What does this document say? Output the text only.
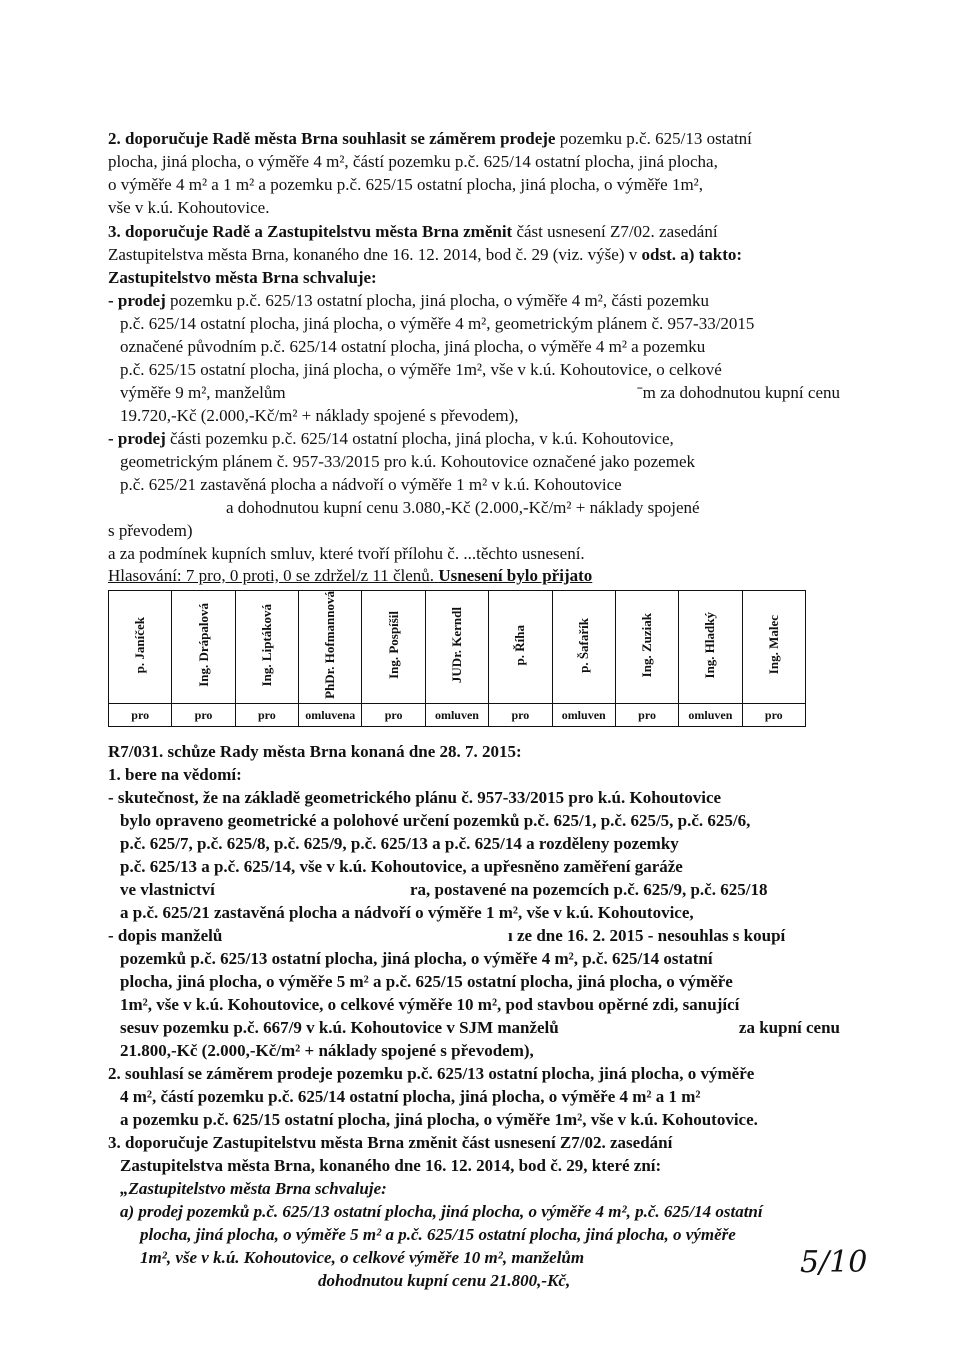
2. doporučuje Radě města Brna souhlasit se záměrem prodeje pozemku p.č. 625/13 ostatní
plocha, jiná plocha, o výměře 4 m², částí pozemku p.č. 625/14 ostatní plocha, jiná plocha,
o výměře 4 m² a 1 m² a pozemku p.č. 625/15 ostatní plocha, jiná plocha, o výměře 1m²,
vše v k.ú. Kohoutovice.
3. doporučuje Radě a Zastupitelstvu města Brna změnit část usnesení Z7/02. zasedání
Zastupitelstva města Brna, konaného dne 16. 12. 2014, bod č. 29 (viz. výše) v odst. a) takto:
Zastupitelstvo města Brna schvaluje:
- prodej pozemku p.č. 625/13 ostatní plocha, jiná plocha, o výměře 4 m², části pozemku
p.č. 625/14 ostatní plocha, jiná plocha, o výměře 4 m², geometrickým plánem č. 957-33/2015
označené původním p.č. 625/14 ostatní plocha, jiná plocha, o výměře 4 m² a pozemku
p.č. 625/15 ostatní plocha, jiná plocha, o výměře 1m², vše v k.ú. Kohoutovice, o celkové
výměře 9 m², manželům	ˉm za dohodnutou kupní cenu
19.720,-Kč (2.000,-Kč/m² + náklady spojené s převodem),
- prodej části pozemku p.č. 625/14 ostatní plocha, jiná plocha, v k.ú. Kohoutovice,
geometrickým plánem č. 957-33/2015 pro k.ú. Kohoutovice označené jako pozemek
p.č. 625/21 zastavěná plocha a nádvoří o výměře 1 m² v k.ú. Kohoutovice
a dohodnutou kupní cenu 3.080,-Kč (2.000,-Kč/m² + náklady spojené
s převodem)
a za podmínek kupních smluv, které tvoří přílohu č. ...těchto usnesení.
p. Janíček	Ing. Drápalová	Ing. Liptáková	PhDr. Hofmannová	Ing. Pospíšil	JUDr. Kerndl	p. Říha	p. Šafařík	Ing. Zuziak	Ing. Hladký	Ing. Malec
pro	pro	pro	omluvena	pro	omluven	pro	omluven	pro	omluven	pro
Hlasování: 7 pro, 0 proti, 0 se zdržel/z 11 členů. Usnesení bylo přijato
R7/031. schůze Rady města Brna konaná dne 28. 7. 2015:
1. bere na vědomí:
- skutečnost, že na základě geometrického plánu č. 957-33/2015 pro k.ú. Kohoutovice
bylo opraveno geometrické a polohové určení pozemků p.č. 625/1, p.č. 625/5, p.č. 625/6,
p.č. 625/7, p.č. 625/8, p.č. 625/9, p.č. 625/13 a p.č. 625/14 a rozděleny pozemky
p.č. 625/13 a p.č. 625/14, vše v k.ú. Kohoutovice, a upřesněno zaměření garáže
ve vlastnictví	ra, postavené na pozemcích p.č. 625/9, p.č. 625/18
a p.č. 625/21 zastavěná plocha a nádvoří o výměře 1 m², vše v k.ú. Kohoutovice,
- dopis manželů	ı ze dne 16. 2. 2015 - nesouhlas s koupí
pozemků p.č. 625/13 ostatní plocha, jiná plocha, o výměře 4 m², p.č. 625/14 ostatní
plocha, jiná plocha, o výměře 5 m² a p.č. 625/15 ostatní plocha, jiná plocha, o výměře
1m², vše v k.ú. Kohoutovice, o celkové výměře 10 m², pod stavbou opěrné zdi, sanující
sesuv pozemku p.č. 667/9 v k.ú. Kohoutovice v SJM manželů	za kupní cenu
21.800,-Kč (2.000,-Kč/m² + náklady spojené s převodem),
2. souhlasí se záměrem prodeje pozemku p.č. 625/13 ostatní plocha, jiná plocha, o výměře
4 m², částí pozemku p.č. 625/14 ostatní plocha, jiná plocha, o výměře 4 m² a 1 m²
a pozemku p.č. 625/15 ostatní plocha, jiná plocha, o výměře 1m², vše v k.ú. Kohoutovice.
3. doporučuje Zastupitelstvu města Brna změnit část usnesení Z7/02. zasedání
Zastupitelstva města Brna, konaného dne 16. 12. 2014, bod č. 29, které zní:
„Zastupitelstvo města Brna schvaluje:
a) prodej pozemků p.č. 625/13 ostatní plocha, jiná plocha, o výměře 4 m², p.č. 625/14 ostatní
plocha, jiná plocha, o výměře 5 m² a p.č. 625/15 ostatní plocha, jiná plocha, o výměře
1m², vše v k.ú. Kohoutovice, o celkové výměře 10 m², manželům
dohodnutou kupní cenu 21.800,-Kč,
5/10
